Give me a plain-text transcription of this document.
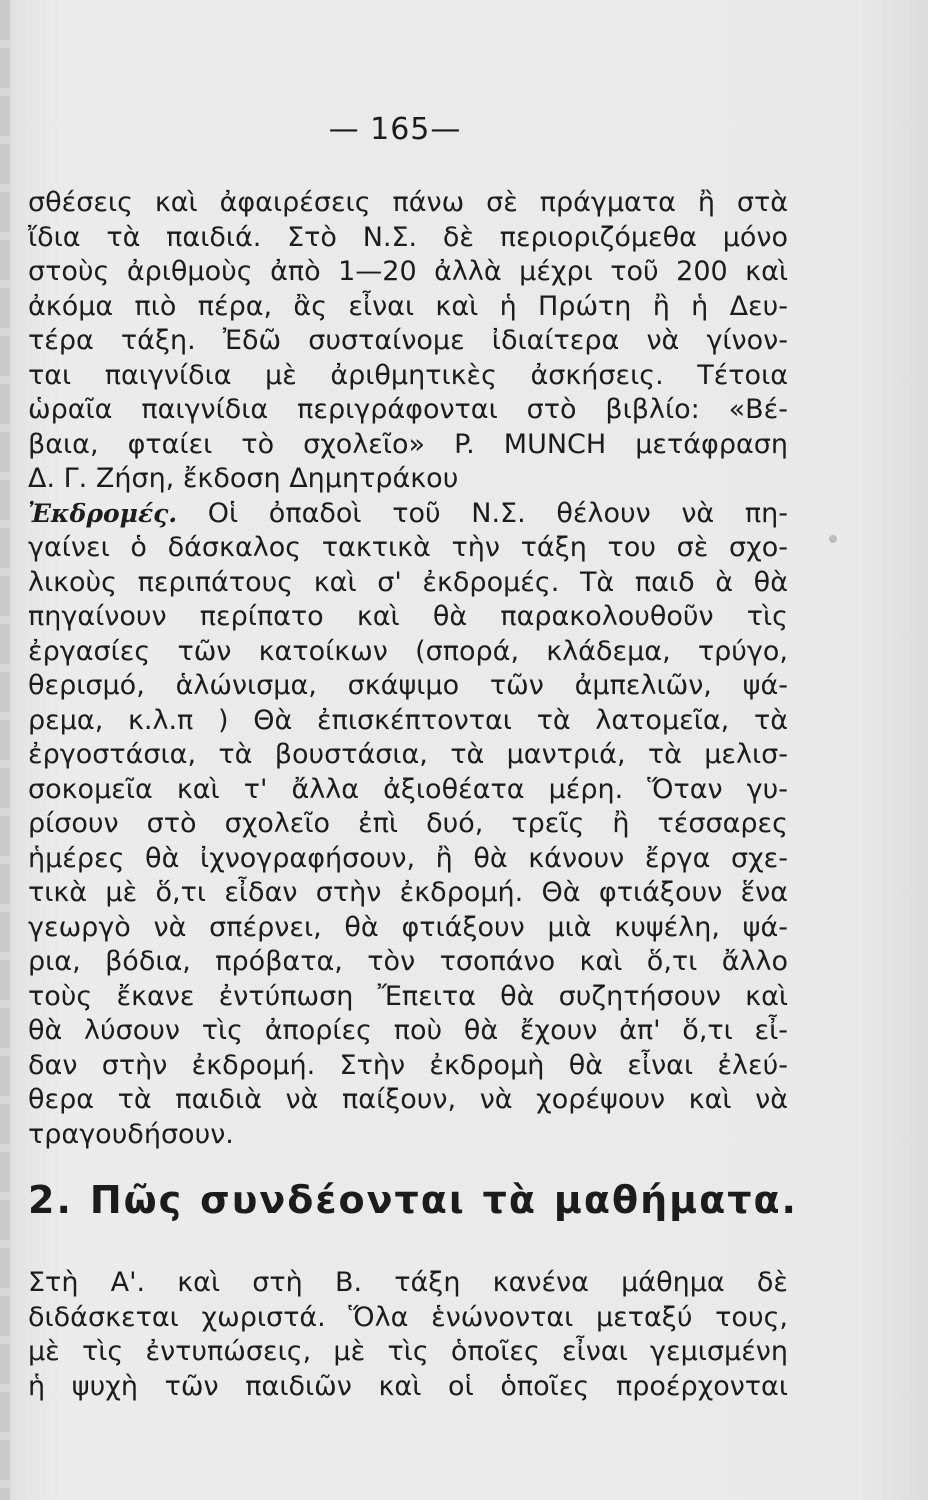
— 165—
σθέσεις καὶ ἀφαιρέσεις πάνω σὲ πράγματα ἢ στὰ
ἴδια τὰ παιδιά. Στὸ Ν.Σ. δὲ περιοριζόμεθα μόνο
στοὺς ἀριθμοὺς ἀπὸ 1—20 ἀλλὰ μέχρι τοῦ 200 καὶ
ἀκόμα πιὸ πέρα, ἂς εἶναι καὶ ἡ Πρώτη ἢ ἡ Δευ-
τέρα τάξη. Ἐδῶ συσταίνομε ἰδιαίτερα νὰ γίνον-
ται παιγνίδια μὲ ἀριθμητικὲς ἀσκήσεις. Τέτοια
ὡραῖα παιγνίδια περιγράφονται στὸ βιβλίο: «Βέ-
βαια, φταίει τὸ σχολεῖο» P. MUNCH μετάφραση
Δ. Γ. Ζήση, ἔκδοση Δημητράκου
Ἐκδρομές. Οἱ ὀπαδοὶ τοῦ Ν.Σ. θέλουν νὰ πη-
γαίνει ὁ δάσκαλος τακτικὰ τὴν τάξη του σὲ σχο-
λικοὺς περιπάτους καὶ σ' ἐκδρομές. Τὰ παιδ ὰ θὰ
πηγαίνουν περίπατο καὶ θὰ παρακολουθοῦν τὶς
ἐργασίες τῶν κατοίκων (σπορά, κλάδεμα, τρύγο,
θερισμό, ἁλώνισμα, σκάψιμο τῶν ἀμπελιῶν, ψά-
ρεμα, κ.λ.π ) Θὰ ἐπισκέπτονται τὰ λατομεῖα, τὰ
ἐργοστάσια, τὰ βουστάσια, τὰ μαντριά, τὰ μελισ-
σοκομεῖα καὶ τ' ἄλλα ἀξιοθέατα μέρη. Ὅταν γυ-
ρίσουν στὸ σχολεῖο ἐπὶ δυό, τρεῖς ἢ τέσσαρες
ἡμέρες θὰ ἰχνογραφήσουν, ἢ θὰ κάνουν ἔργα σχε-
τικὰ μὲ ὅ,τι εἶδαν στὴν ἐκδρομή. Θὰ φτιάξουν ἕνα
γεωργὸ νὰ σπέρνει, θὰ φτιάξουν μιὰ κυψέλη, ψά-
ρια, βόδια, πρόβατα, τὸν τσοπάνο καὶ ὅ,τι ἄλλο
τοὺς ἔκανε ἐντύπωση Ἔπειτα θὰ συζητήσουν καὶ
θὰ λύσουν τὶς ἀπορίες ποὺ θὰ ἔχουν ἀπ' ὅ,τι εἶ-
δαν στὴν ἐκδρομή. Στὴν ἐκδρομὴ θὰ εἶναι ἐλεύ-
θερα τὰ παιδιὰ νὰ παίξουν, νὰ χορέψουν καὶ νὰ
τραγουδήσουν.
2. Πῶς συνδέονται τὰ μαθήματα.
Στὴ Α'. καὶ στὴ Β. τάξη κανένα μάθημα δὲ
διδάσκεται χωριστά. Ὅλα ἑνώνονται μεταξύ τους,
μὲ τὶς ἐντυπώσεις, μὲ τὶς ὁποῖες εἶναι γεμισμένη
ἡ ψυχὴ τῶν παιδιῶν καὶ οἱ ὁποῖες προέρχονται
